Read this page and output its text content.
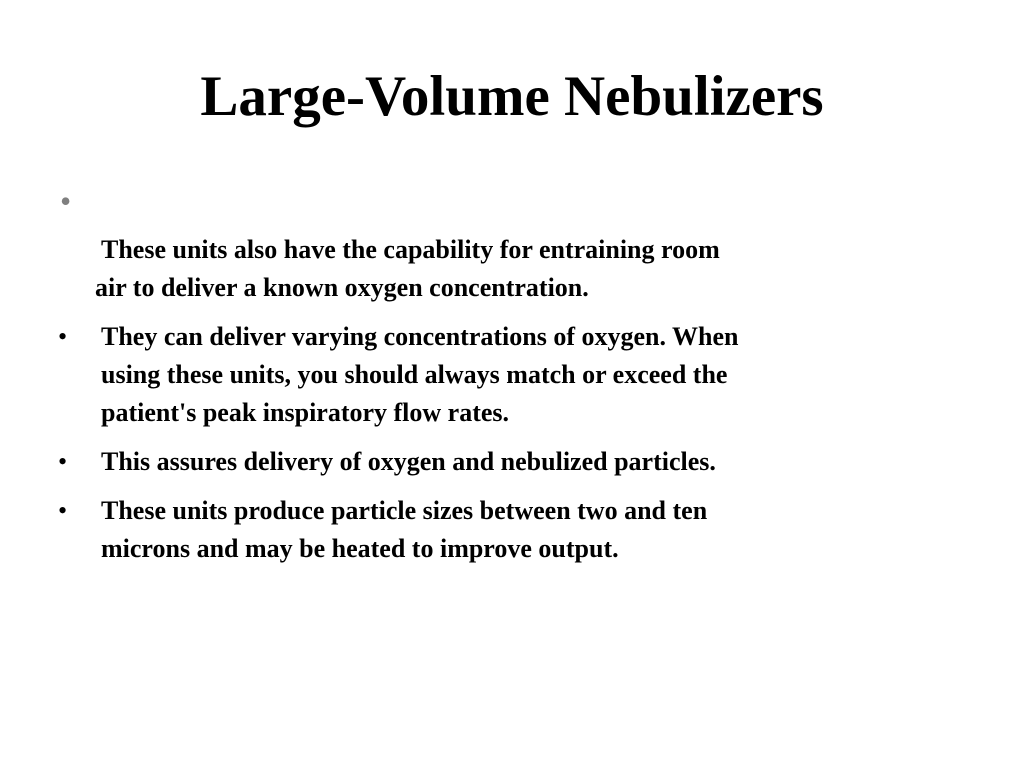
Large-Volume Nebulizers
•
These units also have the capability for entraining room
air to deliver a known oxygen concentration.
•	They can deliver varying concentrations of oxygen. When
using these units, you should always match or exceed the
patient's peak inspiratory flow rates.
•	This assures delivery of oxygen and nebulized particles.
•	These units produce particle sizes between two and ten
microns and may be heated to improve output.
